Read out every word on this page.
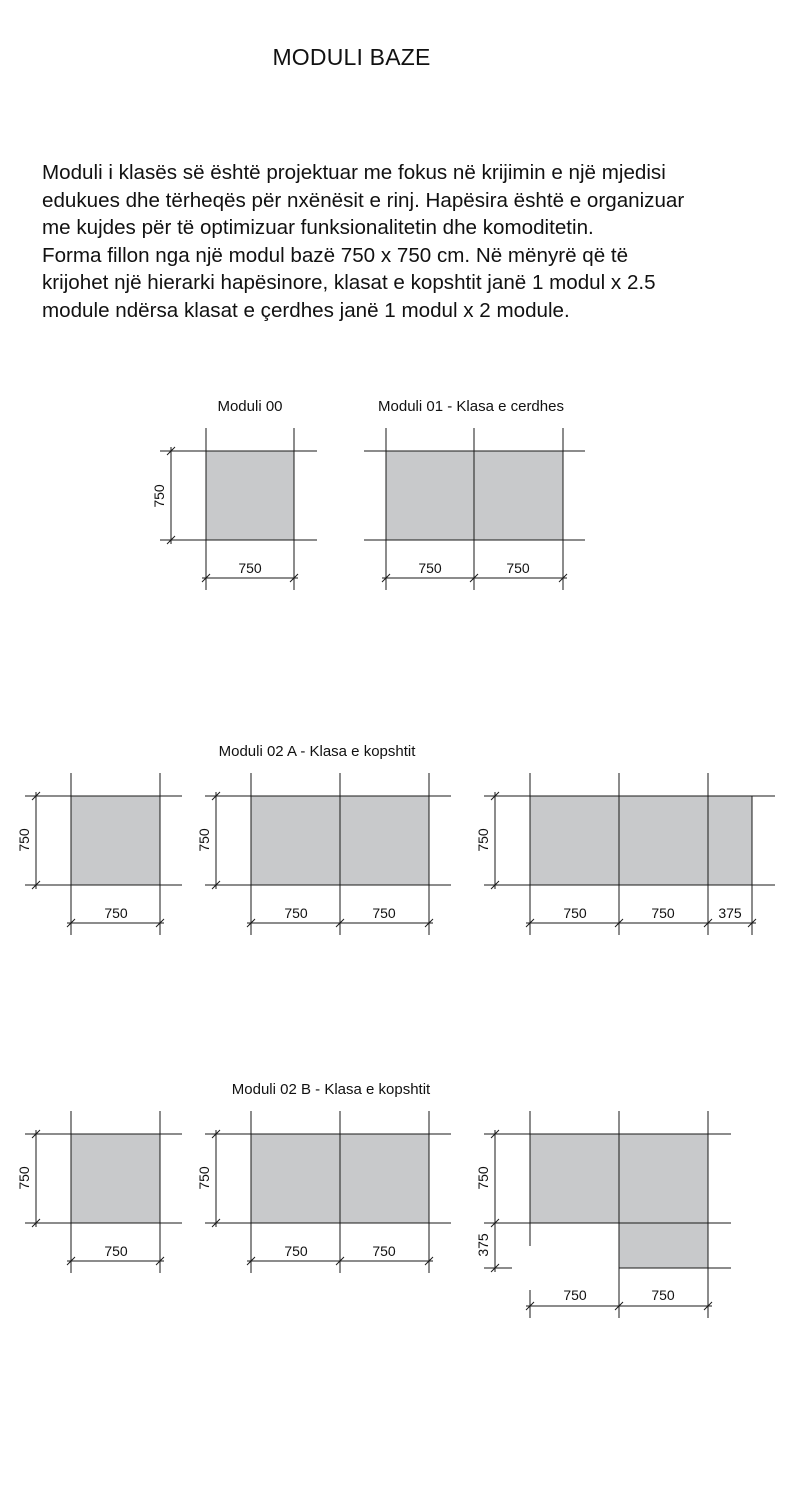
MODULI BAZE

Moduli i klasës së është projektuar me fokus në krijimin e një mjedisi
edukues dhe tërheqës për nxënësit e rinj. Hapësira është e organizuar
me kujdes për të optimizuar funksionalitetin dhe komoditetin.
Forma fillon nga një modul bazë 750 x 750 cm. Në mënyrë që të
krijohet një hierarki hapësinore, klasat e kopshtit janë 1 modul x 2.5
module ndërsa klasat e çerdhes janë 1 modul x 2 module.

Moduli 00	Moduli 01 - Klasa e cerdhes
Moduli 02 A - Klasa e kopshtit
Moduli 02 B - Klasa e kopshtit
750
750
750	750
750
750
750	750
750
750	750	375
750
750
750
750	750
750
750	750
750
375
